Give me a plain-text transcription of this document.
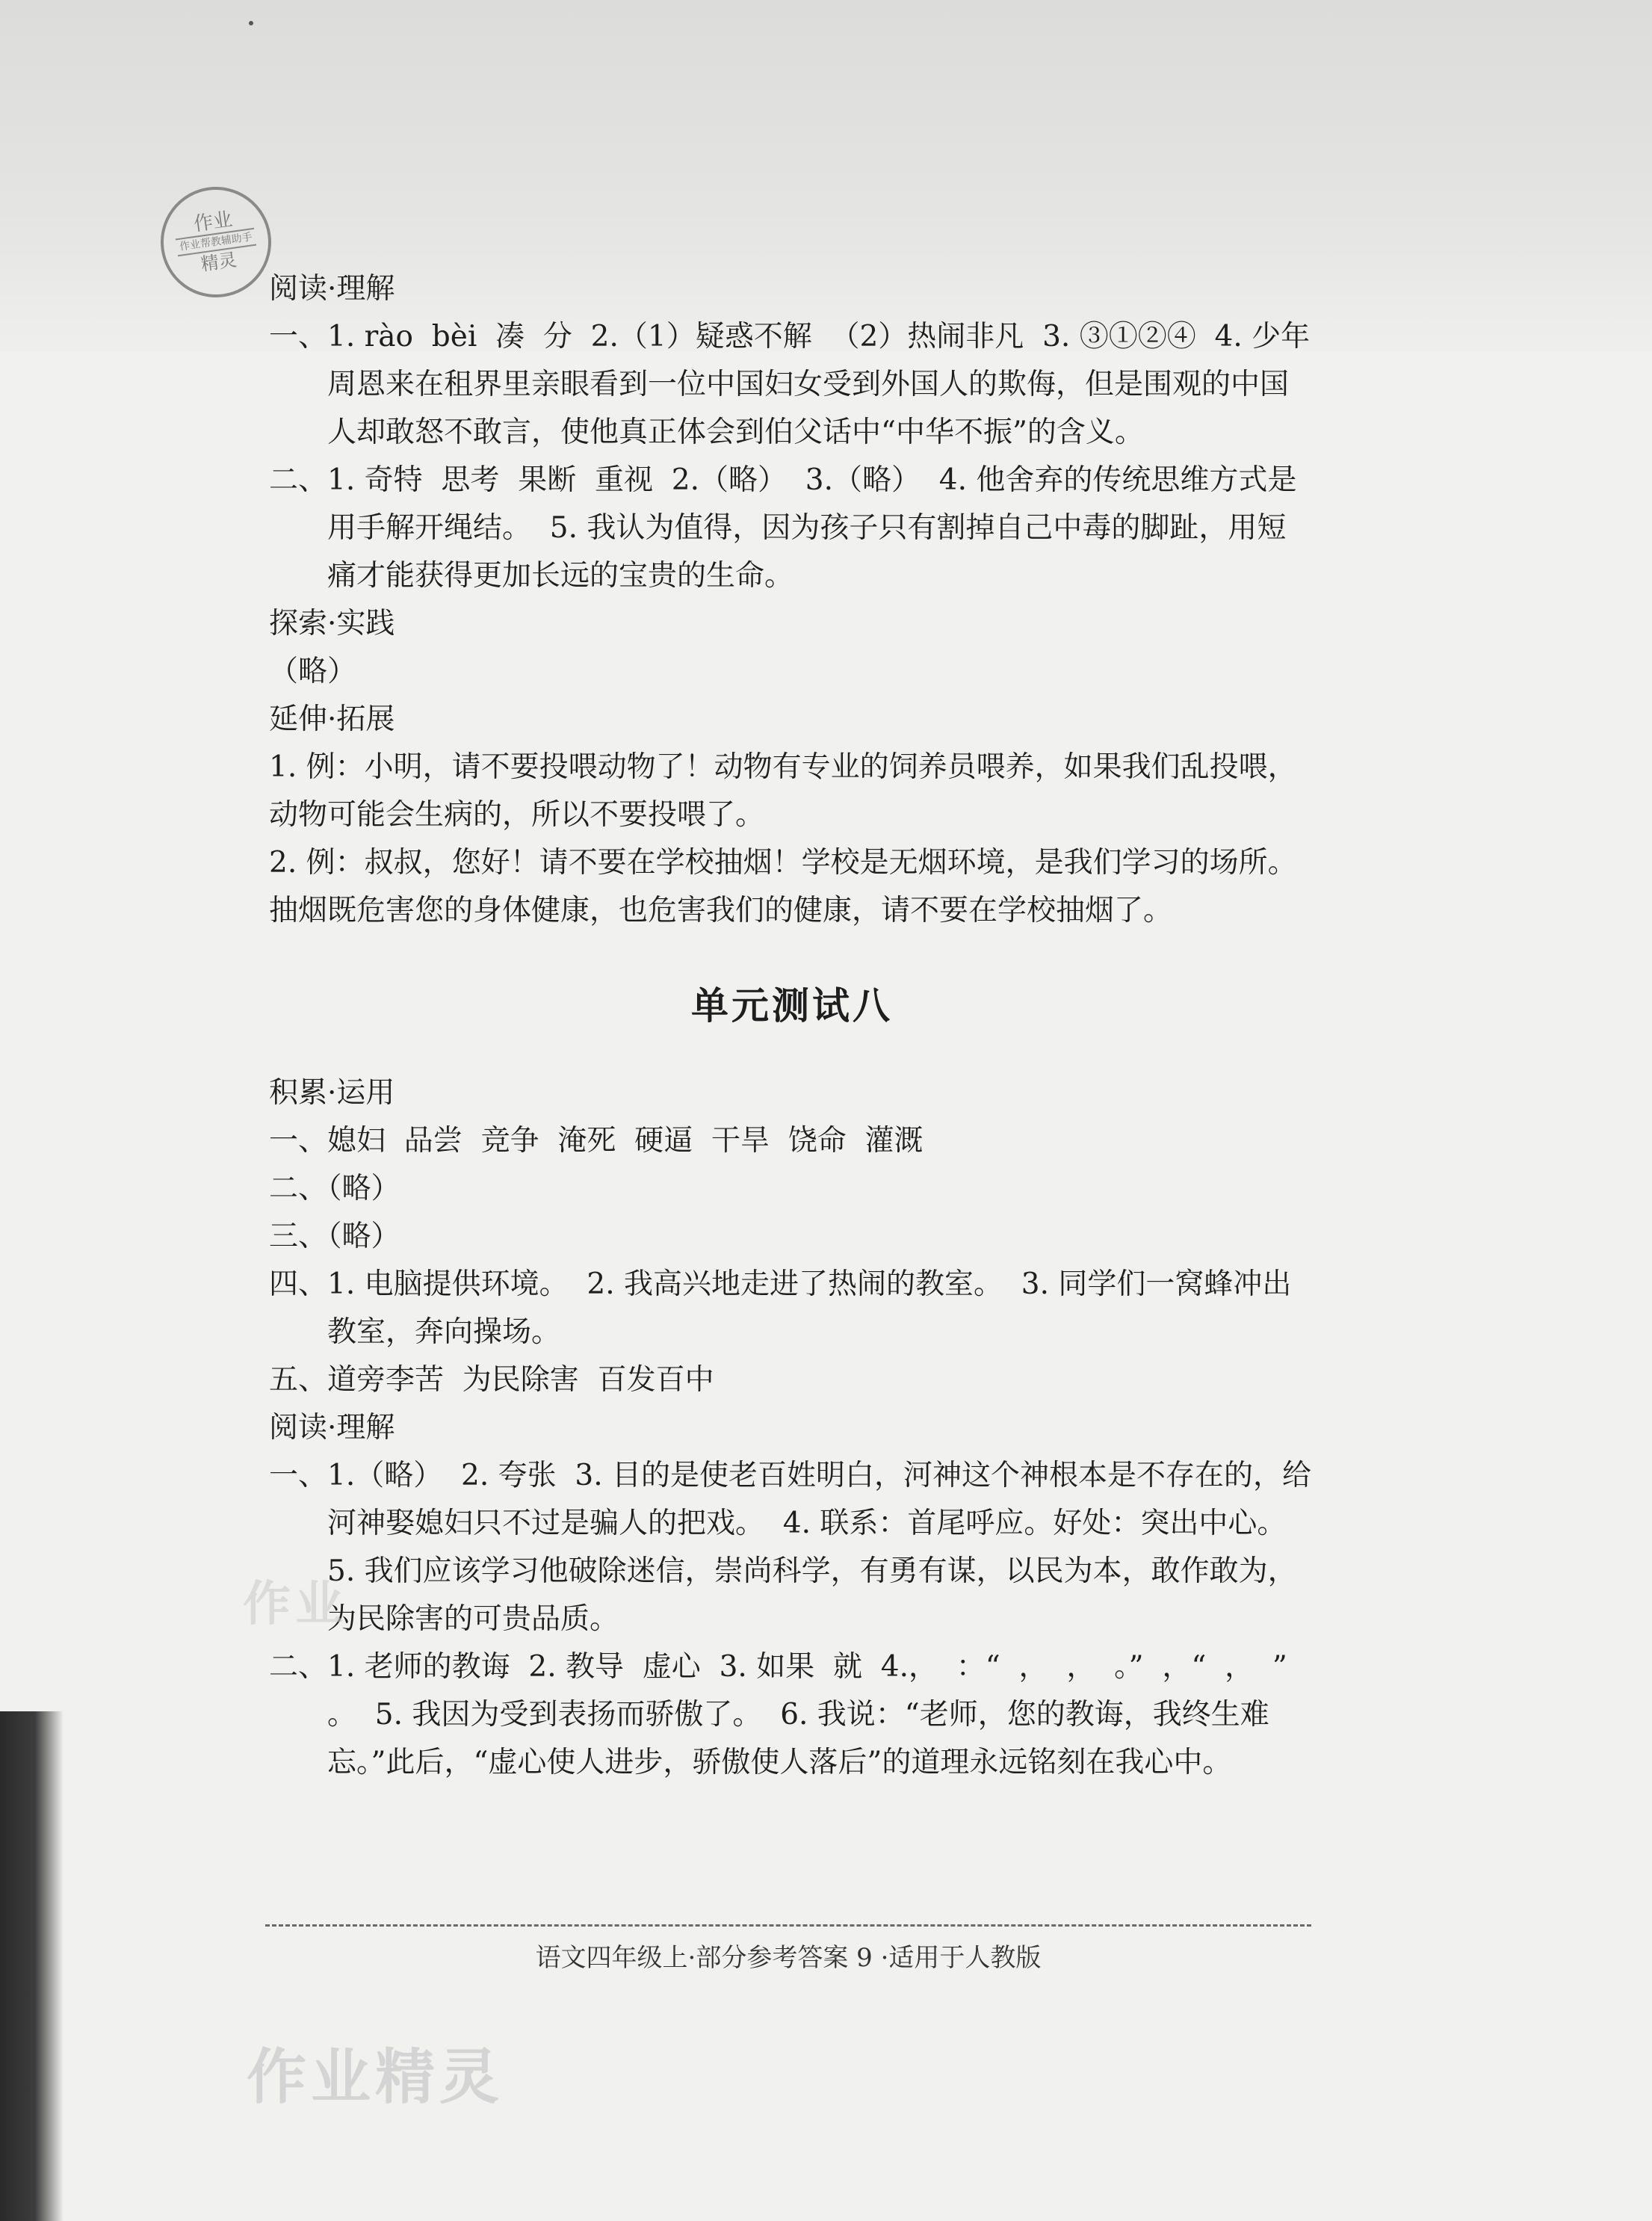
作业
作业帮教辅助手
精灵

阅读·理解

一、1. rào  bèi  凑  分  2.（1）疑惑不解  （2）热闹非凡  3. ③①②④  4. 少年周恩来在租界里亲眼看到一位中国妇女受到外国人的欺侮，但是围观的中国人却敢怒不敢言，使他真正体会到伯父话中“中华不振”的含义。

二、1. 奇特  思考  果断  重视  2.（略）  3.（略）  4. 他舍弃的传统思维方式是用手解开绳结。  5. 我认为值得，因为孩子只有割掉自己中毒的脚趾，用短痛才能获得更加长远的宝贵的生命。

探索·实践

（略）

延伸·拓展

1. 例：小明，请不要投喂动物了！动物有专业的饲养员喂养，如果我们乱投喂，动物可能会生病的，所以不要投喂了。

2. 例：叔叔，您好！请不要在学校抽烟！学校是无烟环境，是我们学习的场所。抽烟既危害您的身体健康，也危害我们的健康，请不要在学校抽烟了。

单元测试八

积累·运用

一、媳妇  品尝  竞争  淹死  硬逼  干旱  饶命  灌溉

二、（略）

三、（略）

四、1. 电脑提供环境。  2. 我高兴地走进了热闹的教室。  3. 同学们一窝蜂冲出教室，奔向操场。

五、道旁李苦  为民除害  百发百中

阅读·理解

一、1.（略）  2. 夸张  3. 目的是使老百姓明白，河神这个神根本是不存在的，给河神娶媳妇只不过是骗人的把戏。  4. 联系：首尾呼应。好处：突出中心。  5. 我们应该学习他破除迷信，崇尚科学，有勇有谋，以民为本，敢作敢为，为民除害的可贵品质。

二、1. 老师的教诲  2. 教导  虚心  3. 如果  就  4.，  ：“  ，  ，  。”  ，“  ，  ”  。  5. 我因为受到表扬而骄傲了。  6. 我说：“老师，您的教诲，我终生难忘。”此后，“虚心使人进步，骄傲使人落后”的道理永远铭刻在我心中。

作业
作业精灵
语文四年级上·部分参考答案 9 ·适用于人教版
